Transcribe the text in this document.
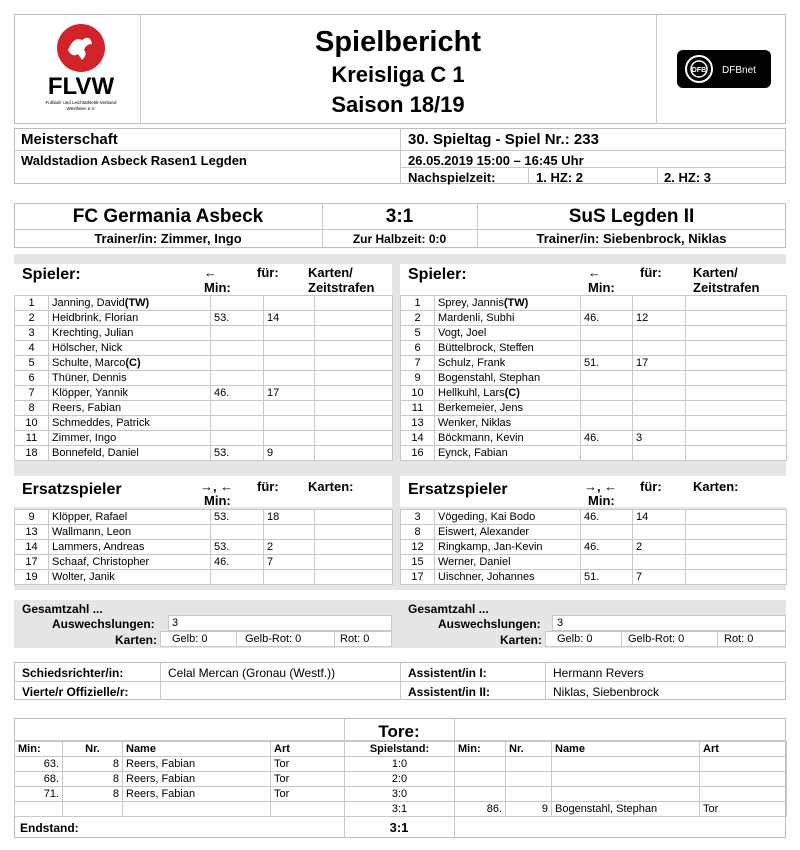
FLVW
Fußball- und Leichtathletik-Verband
Westfalen e.V.
Spielbericht
Kreisliga C 1
Saison 18/19
DFB DFBnet
Meisterschaft
Waldstadion Asbeck Rasen1 Legden
30. Spieltag - Spiel Nr.: 233
26.05.2019 15:00 – 16:45 Uhr
Nachspielzeit:	1. HZ: 2	2. HZ: 3
FC Germania Asbeck	3:1	SuS Legden II
Trainer/in: Zimmer, Ingo	Zur Halbzeit: 0:0	Trainer/in: Siebenbrock, Niklas
Spieler:	←
Min:
für: Karten/
Zeitstrafen
1	Janning, David(TW)			
2	Heidbrink, Florian	53.	14	
3	Krechting, Julian			
4	Hölscher, Nick			
5	Schulte, Marco(C)			
6	Thüner, Dennis			
7	Klöpper, Yannik	46.	17	
8	Reers, Fabian			
10	Schmeddes, Patrick			
11	Zimmer, Ingo			
18	Bonnefeld, Daniel	53.	9	
Spieler:	←
Min:
für: Karten/
Zeitstrafen
1	Sprey, Jannis(TW)			
2	Mardenli, Subhi	46.	12	
5	Vogt, Joel			
6	Büttelbrock, Steffen			
7	Schulz, Frank	51.	17	
9	Bogenstahl, Stephan			
10	Hellkuhl, Lars(C)			
11	Berkemeier, Jens			
13	Wenker, Niklas			
14	Böckmann, Kevin	46.	3	
16	Eynck, Fabian			
Ersatzspieler	→, ←
Min:
für: Karten:
9	Klöpper, Rafael	53.	18	
13	Wallmann, Leon			
14	Lammers, Andreas	53.	2	
17	Schaaf, Christopher	46.	7	
19	Wolter, Janik			
Ersatzspieler	→, ←
Min:
für: Karten:
3	Vögeding, Kai Bodo	46.	14	
8	Eiswert, Alexander			
12	Ringkamp, Jan-Kevin	46.	2	
15	Werner, Daniel			
17	Uischner, Johannes	51.	7	
Gesamtzahl ...
Auswechslungen: 3
Karten: Gelb: 0	Gelb-Rot: 0	Rot: 0
Gesamtzahl ...
Auswechslungen: 3
Karten: Gelb: 0	Gelb-Rot: 0	Rot: 0
Schiedsrichter/in:	Celal Mercan (Gronau (Westf.))
Vierte/r Offizielle/r:
Assistent/in I:	Hermann Revers
Assistent/in II:	Niklas, Siebenbrock
Tore:
Min:	Nr.	Name	Art	Spielstand:	Min:	Nr.	Name	Art
63.	8	Reers, Fabian	Tor	1:0				
68.	8	Reers, Fabian	Tor	2:0				
71.	8	Reers, Fabian	Tor	3:0				
				3:1	86.	9	Bogenstahl, Stephan	Tor
Endstand:	3:1
